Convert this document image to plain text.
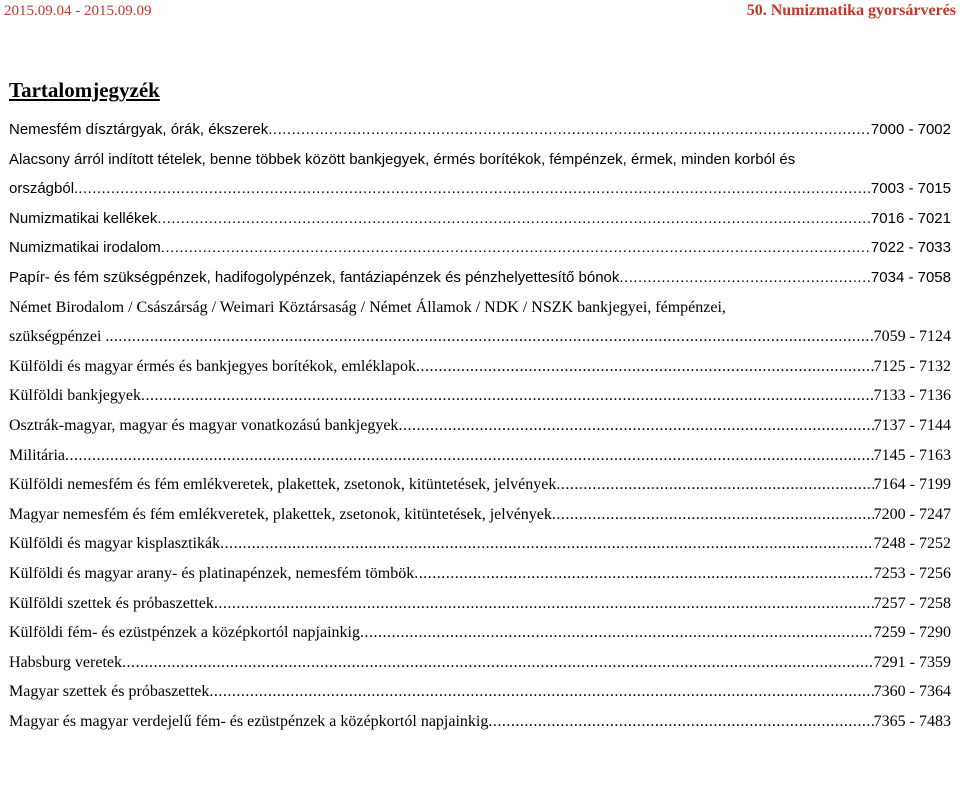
2015.09.04 - 2015.09.09	50. Numizmatika gyorsárverés
Tartalomjegyzék
Nemesfém dísztárgyak, órák, ékszerek .....	7000 - 7002
Alacsony árról indított tételek, benne többek között bankjegyek, érmés borítékok, fémpénzek, érmek, minden korból és
országból. .....	7003 - 7015
Numizmatikai kellékek .....	7016 - 7021
Numizmatikai irodalom .....	7022 - 7033
Papír- és fém szükségpénzek, hadifogolypénzek, fantáziapénzek és pénzhelyettesítő bónok .....	7034 - 7058
Német Birodalom / Császárság / Weimari Köztársaság / Német Államok / NDK / NSZK bankjegyei, fémpénzei,
szükségpénzei . .....	7059 - 7124
Külföldi és magyar érmés és bankjegyes borítékok, emléklapok .....	7125 - 7132
Külföldi bankjegyek .....	7133 - 7136
Osztrák-magyar, magyar és magyar vonatkozású bankjegyek .....	7137 - 7144
Militária .....	7145 - 7163
Külföldi nemesfém és fém emlékveretek, plakettek, zsetonok, kitüntetések, jelvények .....	7164 - 7199
Magyar nemesfém és fém emlékveretek, plakettek, zsetonok, kitüntetések, jelvények .....	7200 - 7247
Külföldi és magyar kisplasztikák .....	7248 - 7252
Külföldi és magyar arany- és platinapénzek, nemesfém tömbök .....	7253 - 7256
Külföldi szettek és próbaszettek .....	7257 - 7258
Külföldi fém- és ezüstpénzek a középkortól napjainkig .....	7259 - 7290
Habsburg veretek .....	7291 - 7359
Magyar szettek és próbaszettek .....	7360 - 7364
Magyar és magyar verdejelű fém- és ezüstpénzek a középkortól napjainkig .....	7365 - 7483
